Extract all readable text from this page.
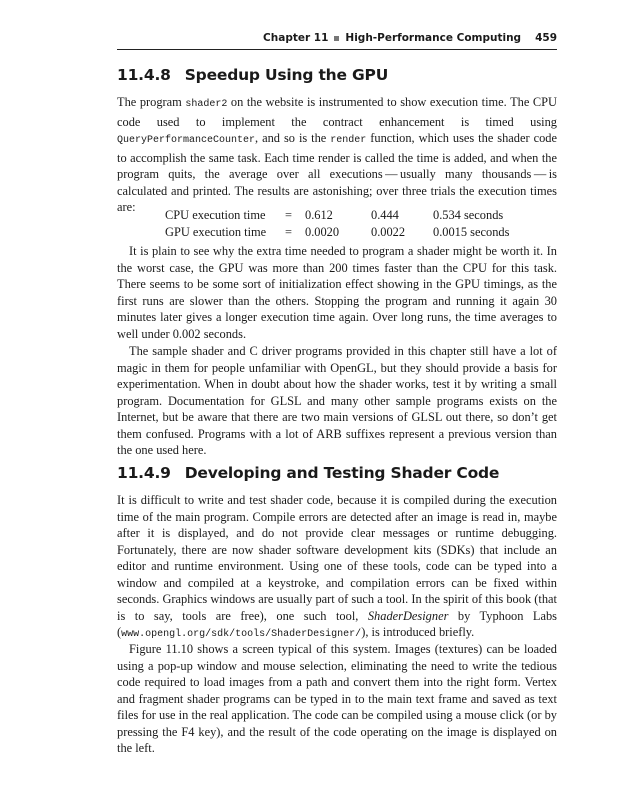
Chapter 11 High-Performance Computing 459
11.4.8 Speedup Using the GPU
The program shader2 on the website is instrumented to show execution time. The CPU code used to implement the contract enhancement is timed using QueryPerformanceCounter, and so is the render function, which uses the shader code to accomplish the same task. Each time render is called the time is added, and when the program quits, the average over all executions — usually many thousands — is calculated and printed. The results are astonishing; over three trials the execution times are:
CPU execution time	=	0.612	0.444	0.534 seconds
GPU execution time	=	0.0020	0.0022	0.0015 seconds
It is plain to see why the extra time needed to program a shader might be worth it. In the worst case, the GPU was more than 200 times faster than the CPU for this task. There seems to be some sort of initialization effect showing in the GPU timings, as the first runs are slower than the others. Stopping the program and running it again 30 minutes later gives a longer execution time again. Over long runs, the time averages to well under 0.002 seconds.
The sample shader and C driver programs provided in this chapter still have a lot of magic in them for people unfamiliar with OpenGL, but they should provide a basis for experimentation. When in doubt about how the shader works, test it by writing a small program. Documentation for GLSL and many other sample programs exists on the Internet, but be aware that there are two main versions of GLSL out there, so don’t get them confused. Programs with a lot of ARB suffixes represent a previous version than the one used here.
11.4.9 Developing and Testing Shader Code
It is difficult to write and test shader code, because it is compiled during the execution time of the main program. Compile errors are detected after an image is read in, maybe after it is displayed, and do not provide clear messages or runtime debugging. Fortunately, there are now shader software development kits (SDKs) that include an editor and runtime environment. Using one of these tools, code can be typed into a window and compiled at a keystroke, and compilation errors can be fixed within seconds. Graphics windows are usually part of such a tool. In the spirit of this book (that is to say, tools are free), one such tool, ShaderDesigner by Typhoon Labs (www.opengl.org/sdk/tools/ShaderDesigner/), is introduced briefly.
Figure 11.10 shows a screen typical of this system. Images (textures) can be loaded using a pop-up window and mouse selection, eliminating the need to write the tedious code required to load images from a path and convert them into the right form. Vertex and fragment shader programs can be typed in to the main text frame and saved as text files for use in the real application. The code can be compiled using a mouse click (or by pressing the F4 key), and the result of the code operating on the image is displayed on the left.
